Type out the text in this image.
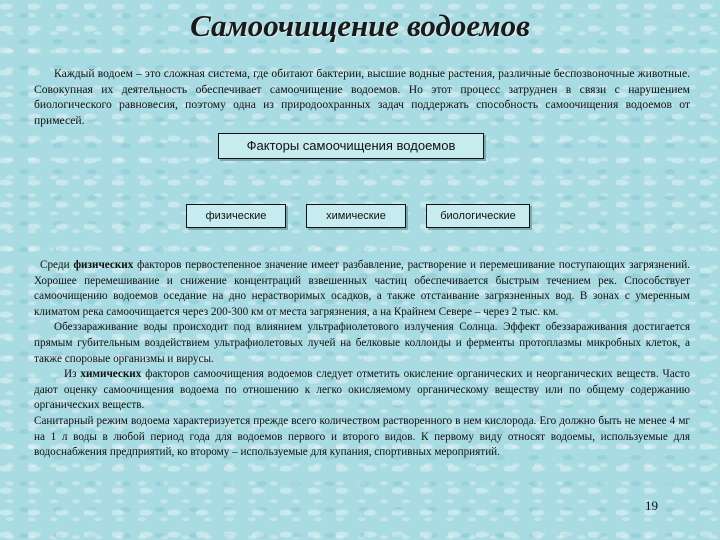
Самоочищение водоемов
Каждый водоем – это сложная система, где обитают бактерии, высшие водные растения, различные беспозвоночные животные. Совокупная их деятельность обеспечивает самоочищение водоемов. Но этот процесс затруднен в связи с нарушением биологического равновесия, поэтому одна из природоохранных задач поддержать способность самоочищения водоемов от примесей.
Факторы самоочищения водоемов
физические	химические	биологические

Среди физических факторов первостепенное значение имеет разбавление, растворение и перемешивание поступающих загрязнений. Хорошее перемешивание и снижение концентраций взвешенных частиц обеспечивается быстрым течением рек. Способствует самоочищению водоемов оседание на дно нерастворимых осадков, а также отстаивание загрязненных вод. В зонах с умеренным климатом река самоочищается через 200-300 км от места загрязнения, а на Крайнем Севере – через 2 тыс. км.

Обеззараживание воды происходит под влиянием ультрафиолетового излучения Солнца. Эффект обеззараживания достигается прямым губительным воздействием ультрафиолетовых лучей на белковые коллоиды и ферменты протоплазмы микробных клеток, а также споровые организмы и вирусы.

Из химических факторов самоочищения водоемов следует отметить окисление органических и неорганических веществ. Часто дают оценку самоочищения водоема по отношению к легко окисляемому органическому веществу или по общему содержанию органических веществ.

Санитарный режим водоема характеризуется прежде всего количеством растворенного в нем кислорода. Его должно быть не менее 4 мг на 1 л воды в любой период года для водоемов первого и второго видов. К первому виду относят водоемы, используемые для водоснабжения предприятий, ко второму – используемые для купания, спортивных мероприятий.

19
